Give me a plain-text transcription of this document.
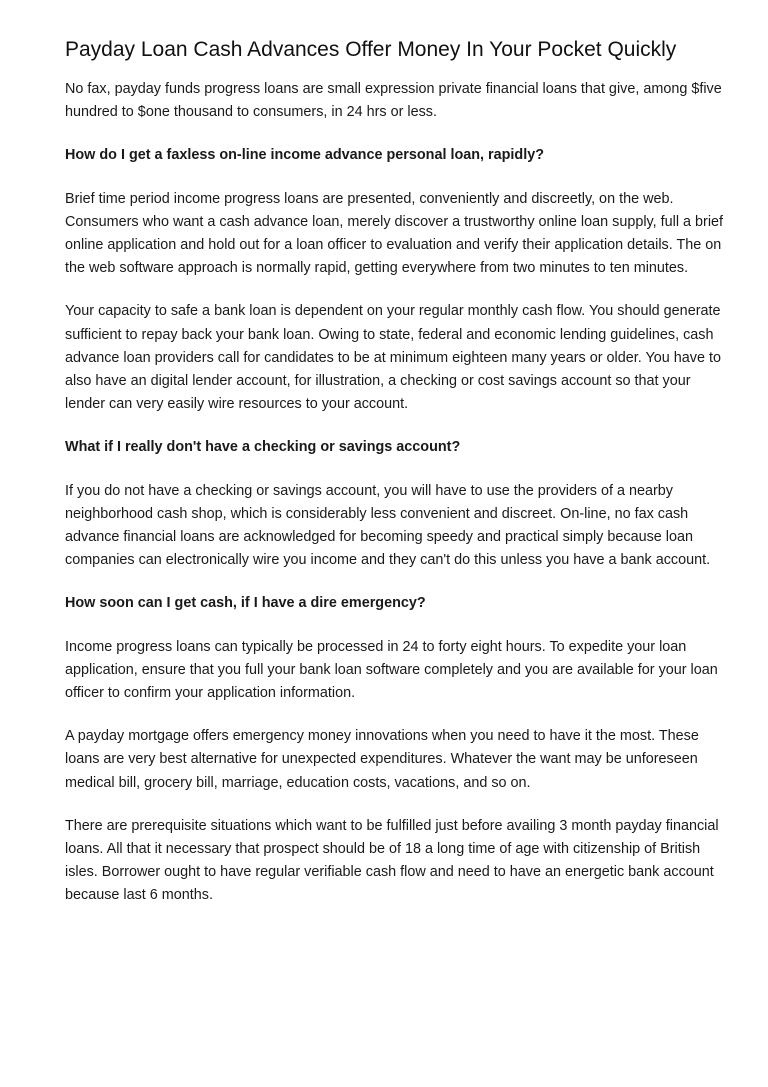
Payday Loan Cash Advances Offer Money In Your Pocket Quickly

No fax, payday funds progress loans are small expression private financial loans that give, among $five hundred to $one thousand to consumers, in 24 hrs or less.

How do I get a faxless on-line income advance personal loan, rapidly?

Brief time period income progress loans are presented, conveniently and discreetly, on the web. Consumers who want a cash advance loan, merely discover a trustworthy online loan supply, full a brief online application and hold out for a loan officer to evaluation and verify their application details. The on the web software approach is normally rapid, getting everywhere from two minutes to ten minutes.

Your capacity to safe a bank loan is dependent on your regular monthly cash flow. You should generate sufficient to repay back your bank loan. Owing to state, federal and economic lending guidelines, cash advance loan providers call for candidates to be at minimum eighteen many years or older. You have to also have an digital lender account, for illustration, a checking or cost savings account so that your lender can very easily wire resources to your account.

What if I really don't have a checking or savings account?

If you do not have a checking or savings account, you will have to use the providers of a nearby neighborhood cash shop, which is considerably less convenient and discreet. On-line, no fax cash advance financial loans are acknowledged for becoming speedy and practical simply because loan companies can electronically wire you income and they can't do this unless you have a bank account.

How soon can I get cash, if I have a dire emergency?

Income progress loans can typically be processed in 24 to forty eight hours. To expedite your loan application, ensure that you full your bank loan software completely and you are available for your loan officer to confirm your application information.

A payday mortgage offers emergency money innovations when you need to have it the most. These loans are very best alternative for unexpected expenditures. Whatever the want may be unforeseen medical bill, grocery bill, marriage, education costs, vacations, and so on.

There are prerequisite situations which want to be fulfilled just before availing 3 month payday financial loans. All that it necessary that prospect should be of 18 a long time of age with citizenship of British isles. Borrower ought to have regular verifiable cash flow and need to have an energetic bank account because last 6 months.
